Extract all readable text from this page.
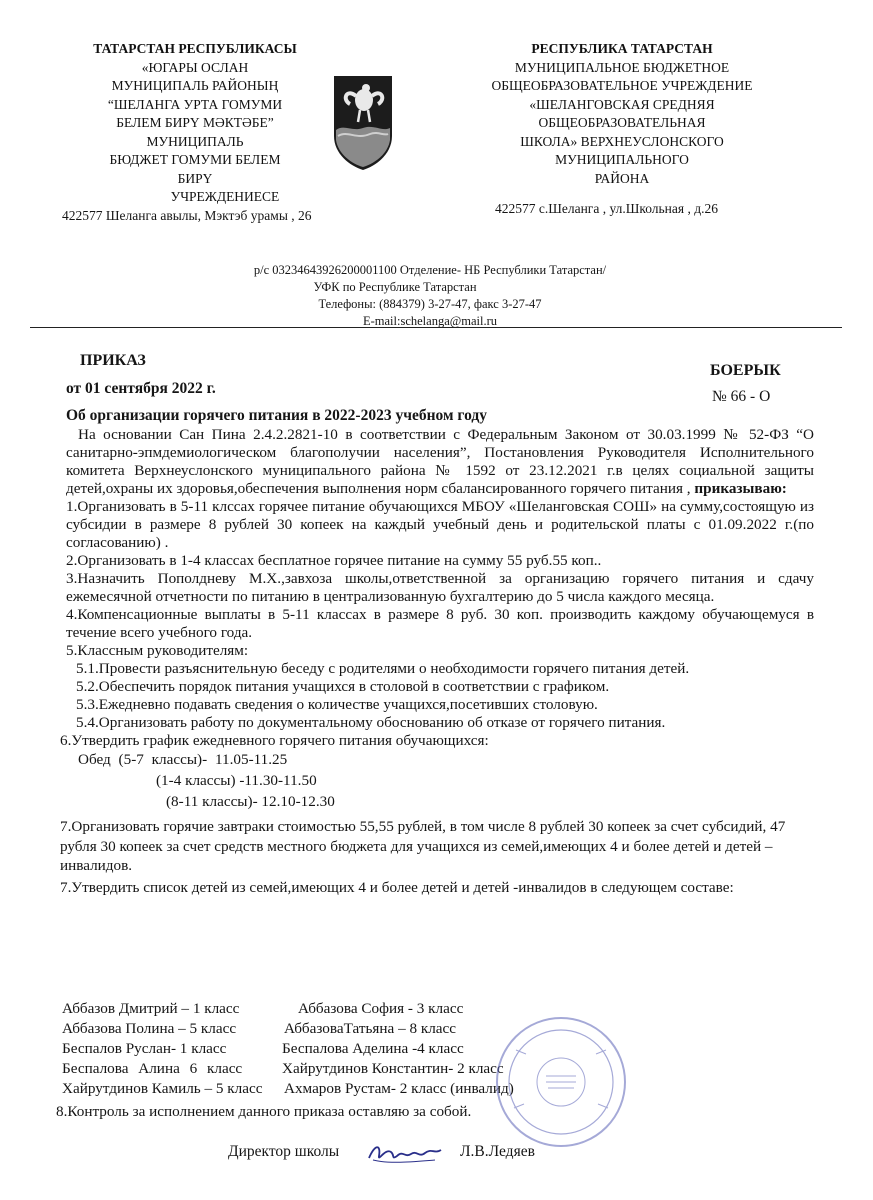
ТАТАРСТАН РЕСПУБЛИКАСЫ
«ЮГАРЫ ОСЛАН
МУНИЦИПАЛЬ РАЙОНЫҢ
“ШЕЛАНГА УРТА ГОМУМИ
БЕЛЕМ БИРҮ МӘКТӘБЕ”
МУНИЦИПАЛЬ
БЮДЖЕТ ГОМУМИ БЕЛЕМ
БИРҮ
УЧРЕЖДЕНИЕСЕ
422577 Шеланга авылы, Мэктэб урамы , 26
РЕСПУБЛИКА ТАТАРСТАН
МУНИЦИПАЛЬНОЕ БЮДЖЕТНОЕ
ОБЩЕОБРАЗОВАТЕЛЬНОЕ УЧРЕЖДЕНИЕ
«ШЕЛАНГОВСКАЯ СРЕДНЯЯ
ОБЩЕОБРАЗОВАТЕЛЬНАЯ
ШКОЛА» ВЕРХНЕУСЛОНСКОГО
МУНИЦИПАЛЬНОГО
РАЙОНА
422577 с.Шеланга , ул.Школьная , д.26
р/с 03234643926200001100 Отделение- НБ Республики Татарстан/
УФК по Республике Татарстан
Телефоны: (884379) 3-27-47, факс 3-27-47
E-mail:schelanga@mail.ru
ПРИКАЗ
БОЕРЫК
от 01 сентября 2022 г.	№ 66 - О

Об организации горячего питания в 2022-2023 учебном году

На основании Сан Пина 2.4.2.2821-10 в соответствии с Федеральным Законом от 30.03.1999 № 52-ФЗ “О санитарно-эпмдемиологическом благополучии населения”, Постановления Руководителя Исполнительного комитета Верхнеуслонского муниципального района № 1592 от 23.12.2021 г.в целях социальной защиты детей,охраны их здоровья,обеспечения выполнения норм сбалансированного горячего питания , приказываю:

1.Организовать в 5-11 клсcах горячее питание обучающихся МБОУ «Шеланговская СОШ» на сумму,состоящую из субсидии в размере 8 рублей 30 копеек на каждый учебный день и родительской платы с 01.09.2022 г.(по согласованию) .

2.Организовать в 1-4 классах бесплатное горячее питание на сумму 55 руб.55 коп..

3.Назначить Пополдневу М.Х.,завхоза школы,ответственной за организацию горячего питания и сдачу ежемесячной отчетности по питанию в централизованную бухгалтерию до 5 числа каждого месяца.

4.Компенсационные выплаты в 5-11 классах в размере 8 руб. 30 коп. производить каждому обучающемуся в течение всего учебного года.

5.Классным руководителям:

5.1.Провести разъяснительную беседу с родителями о необходимости горячего питания детей.

5.2.Обеспечить порядок питания учащихся в столовой в соответствии с графиком.

5.3.Ежедневно подавать сведения о количестве учащихся,посетивших столовую.

5.4.Организовать работу по документальному обоснованию об отказе от горячего питания.

6.Утвердить график ежедневного горячего питания обучающихся:

Обед (5-7 классы)- 11.05-11.25

(1-4 классы) -11.30-11.50

(8-11 классы)- 12.10-12.30

7.Организовать горячие завтраки стоимостью 55,55 рублей, в том числе 8 рублей 30 копеек за счет субсидий, 47 рубля 30 копеек за счет средств местного бюджета для учащихся из семей,имеющих 4 и более детей и детей – инвалидов.

7.Утвердить список детей из семей,имеющих 4 и более детей и детей -инвалидов в следующем составе:

Аббазов Дмитрий – 1 класс	Аббазова София - 3 класс
Аббазова Полина – 5 класс	АббазоваТатьяна – 8 класс
Беспалов Руслан- 1 класс	Беспалова Аделина -4 класс
Беспалова Алина 6 класс	Хайрутдинов Константин- 2 класс
Хайрутдинов Камиль – 5 класс Ахмаров Рустам- 2 класс (инвалид)
8.Контроль за исполнением данного приказа оставляю за собой.
Директор школы	Л.В.Ледяев
